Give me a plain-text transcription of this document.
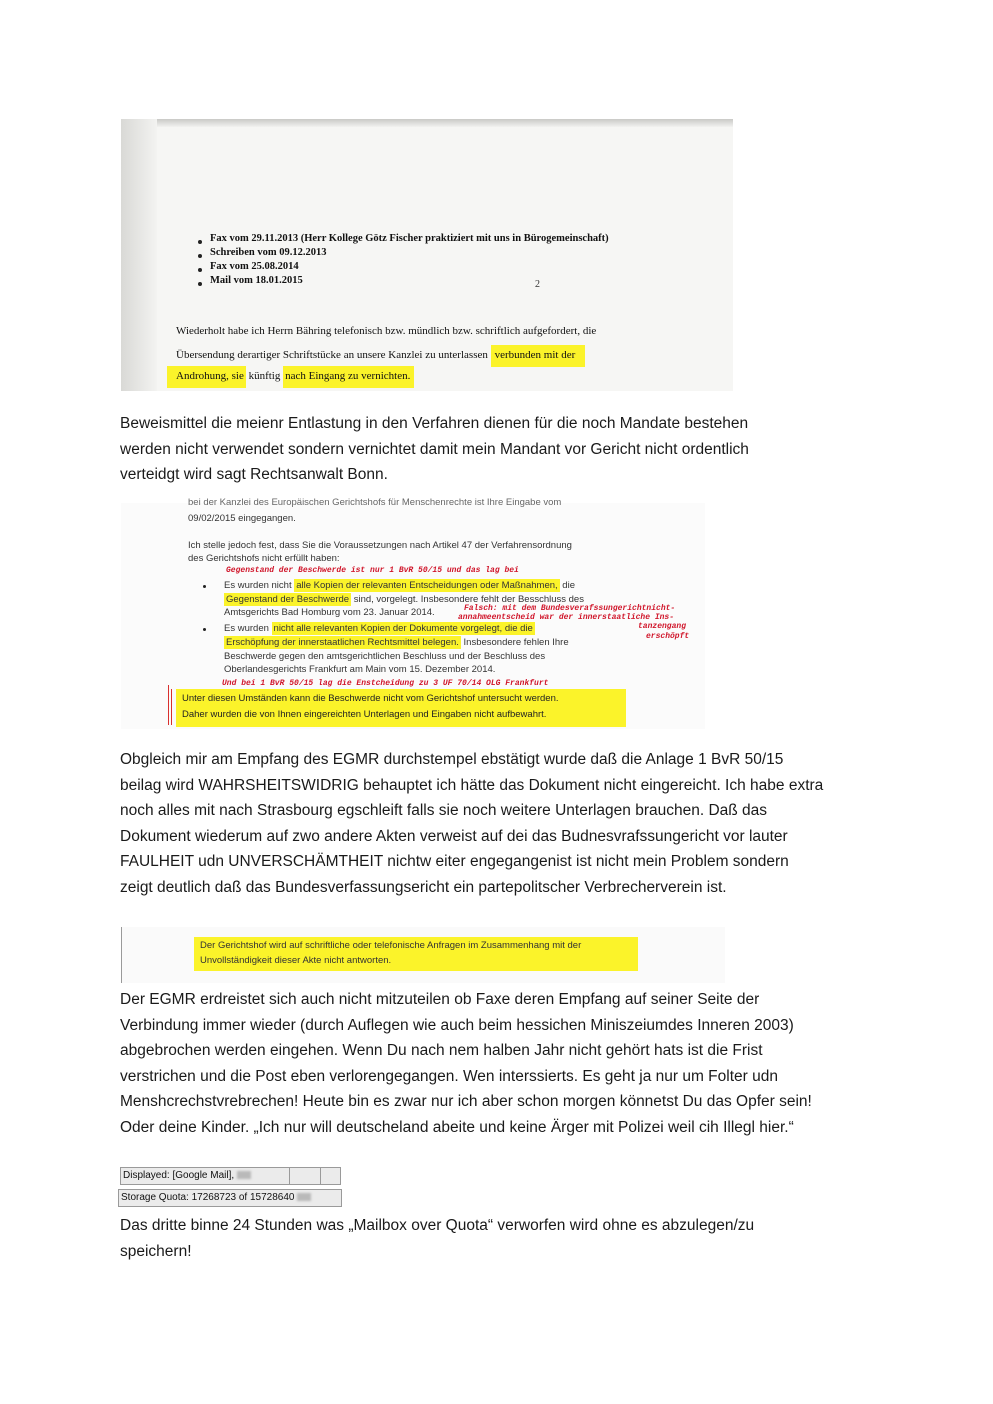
2
Fax vom 29.11.2013 (Herr Kollege Götz Fischer praktiziert mit uns in Bürogemeinschaft)
Schreiben vom 09.12.2013
Fax vom 25.08.2014
Mail vom 18.01.2015
Wiederholt habe ich Herrn Bähring telefonisch bzw. mündlich bzw. schriftlich aufgefordert, die
Übersendung derartiger Schriftstücke an unsere Kanzlei zu unterlassen verbunden mit der
Androhung, sie künftig nach Eingang zu vernichten.
Beweismittel die meienr Entlastung in den Verfahren dienen für die noch Mandate bestehen
werden nicht verwendet sondern vernichtet damit mein Mandant vor Gericht nicht ordentlich
verteidgt wird sagt Rechtsanwalt Bonn.
bei der Kanzlei des Europäischen Gerichtshofs für Menschenrechte ist Ihre Eingabe vom
09/02/2015 eingegangen.
Ich stelle jedoch fest, dass Sie die Voraussetzungen nach Artikel 47 der Verfahrensordnung
des Gerichtshofs nicht erfüllt haben:
Gegenstand der Beschwerde ist nur 1 BvR 50/15 und das lag bei
Es wurden nicht alle Kopien der relevanten Entscheidungen oder Maßnahmen, die
Gegenstand der Beschwerde sind, vorgelegt. Insbesondere fehlt der Besschluss des
Amtsgerichts Bad Homburg vom 23. Januar 2014.	Falsch: mit dem Bundesverafssungerichtnicht-
annahmeentscheid war der innerstaatliche Ins-
tanzengang
erschöpft
Es wurden nicht alle relevanten Kopien der Dokumente vorgelegt, die die
Erschöpfung der innerstaatlichen Rechtsmittel belegen. Insbesondere fehlen Ihre
Beschwerde gegen den amtsgerichtlichen Beschluss und der Beschluss des
Oberlandesgerichts Frankfurt am Main vom 15. Dezember 2014.
Und bei 1 BvR 50/15 lag die Enstcheidung zu 3 UF 70/14 OLG Frankfurt
Unter diesen Umständen kann die Beschwerde nicht vom Gerichtshof untersucht werden.
Daher wurden die von Ihnen eingereichten Unterlagen und Eingaben nicht aufbewahrt.
Obgleich mir am Empfang des EGMR durchstempel ebstätigt wurde daß die Anlage 1 BvR 50/15
beilag wird WAHRSHEITSWIDRIG behauptet ich hätte das Dokument nicht eingereicht. Ich habe extra
noch alles mit nach Strasbourg egschleift falls sie noch weitere Unterlagen brauchen. Daß das
Dokument wiederum auf zwo andere Akten verweist auf dei das Budnesvrafssungericht vor lauter
FAULHEIT udn UNVERSCHÄMTHEIT nichtw eiter engegangenist ist nicht mein Problem sondern
zeigt deutlich daß das Bundesverfassungsericht ein partepolitscher Verbrecherverein ist.
Der Gerichtshof wird auf schriftliche oder telefonische Anfragen im Zusammenhang mit der
Unvollständigkeit dieser Akte nicht antworten.
Der EGMR erdreistet sich auch nicht mitzuteilen ob Faxe deren Empfang auf seiner Seite der
Verbindung immer wieder (durch Auflegen wie auch beim hessichen Miniszeiumdes Inneren 2003)
abgebrochen werden eingehen. Wenn Du nach nem halben Jahr nicht gehört hats ist die Frist
verstrichen und die Post eben verlorengegangen. Wen interssierts. Es geht ja nur um Folter udn
Menshcrechstvrebrechen! Heute bin es zwar nur ich aber schon morgen könnetst Du das Opfer sein!
Oder deine Kinder. „Ich nur will deutscheland abeite und keine Ärger mit Polizei weil cih Illegl hier.“
Displayed: [Google Mail],
Storage Quota: 17268723 of 15728640
Das dritte binne 24 Stunden was „Mailbox over Quota“ verworfen wird ohne es abzulegen/zu
speichern!
